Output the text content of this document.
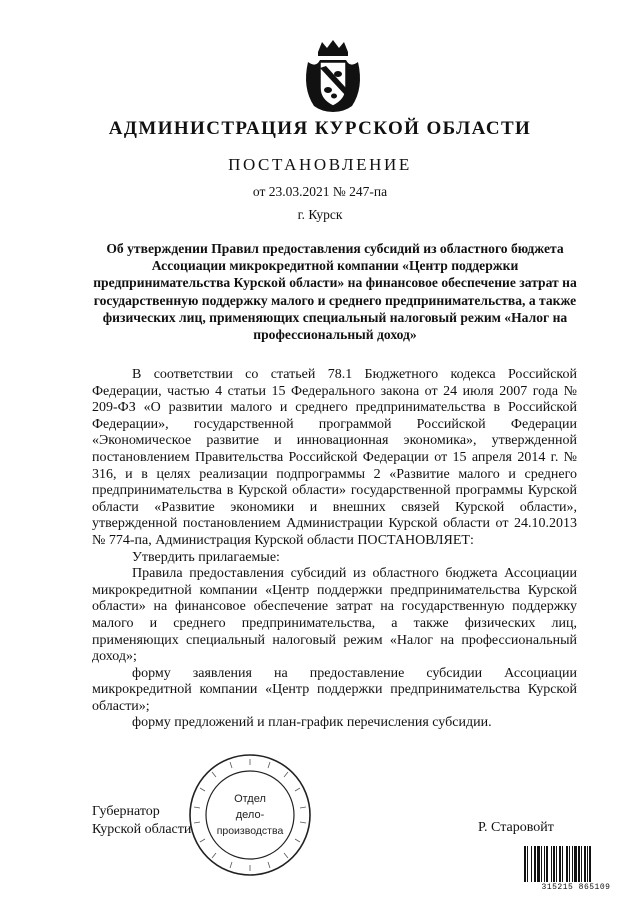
АДМИНИСТРАЦИЯ КУРСКОЙ ОБЛАСТИ
ПОСТАНОВЛЕНИЕ
от 23.03.2021 № 247-па
г. Курск
Об утверждении Правил предоставления субсидий из областного бюджета Ассоциации микрокредитной компании «Центр поддержки предпринимательства Курской области» на финансовое обеспечение затрат на государственную поддержку малого и среднего предпринимательства, а также физических лиц, применяющих специальный налоговый режим «Налог на профессиональный доход»

В соответствии со статьей 78.1 Бюджетного кодекса Российской Федерации, частью 4 статьи 15 Федерального закона от 24 июля 2007 года № 209-ФЗ «О развитии малого и среднего предпринимательства в Российской Федерации», государственной программой Российской Федерации «Экономическое развитие и инновационная экономика», утвержденной постановлением Правительства Российской Федерации от 15 апреля 2014 г. № 316, и в целях реализации подпрограммы 2 «Развитие малого и среднего предпринимательства в Курской области» государственной программы Курской области «Развитие экономики и внешних связей Курской области», утвержденной постановлением Администрации Курской области от 24.10.2013 № 774-па, Администрация Курской области ПОСТАНОВЛЯЕТ:

Утвердить прилагаемые:

Правила предоставления субсидий из областного бюджета Ассоциации микрокредитной компании «Центр поддержки предпринимательства Курской области» на финансовое обеспечение затрат на государственную поддержку малого и среднего предпринимательства, а также физических лиц, применяющих специальный налоговый режим «Налог на профессиональный доход»;

форму заявления на предоставление субсидии Ассоциации микрокредитной компании «Центр поддержки предпринимательства Курской области»;

форму предложений и план-график перечисления субсидии.

Губернатор
Курской области
Отдел
дело-
производства	Р. Старовойт
315215 865109
